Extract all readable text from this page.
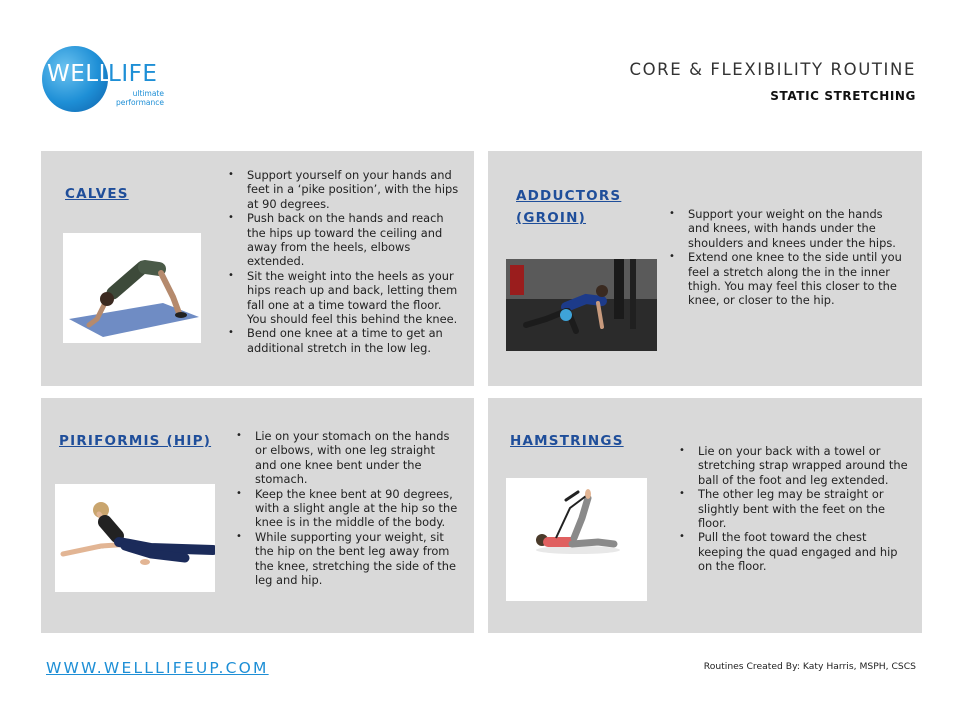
WELL
LIFE
ultimate performance
CORE & FLEXIBILITY ROUTINE
STATIC STRETCHING
CALVES
• Support yourself on your hands and feet in a ‘pike position’, with the hips at 90 degrees.
• Push back on the hands and reach the hips up toward the ceiling and away from the heels, elbows extended.
• Sit the weight into the heels as your hips reach up and back, letting them fall one at a time toward the floor. You should feel this behind the knee.
• Bend one knee at a time to get an additional stretch in the low leg.
ADDUCTORS (GROIN)	• Support your weight on the hands and knees, with hands under the shoulders and knees under the hips.
• Extend one knee to the side until you feel a stretch along the in the inner thigh. You may feel this closer to the knee, or closer to the hip.
PIRIFORMIS (HIP)	• Lie on your stomach on the hands or elbows, with one leg straight and one knee bent under the stomach.
• Keep the knee bent at 90 degrees, with a slight angle at the hip so the knee is in the middle of the body.
• While supporting your weight, sit the hip on the bent leg away from the knee, stretching the side of the leg and hip.
HAMSTRINGS
• Lie on your back with a towel or stretching strap wrapped around the ball of the foot and leg extended.
• The other leg may be straight or slightly bent with the feet on the floor.
• Pull the foot toward the chest keeping the quad engaged and hip on the floor.
WWW.WELLLIFEUP.COM	Routines Created By: Katy Harris, MSPH, CSCS
